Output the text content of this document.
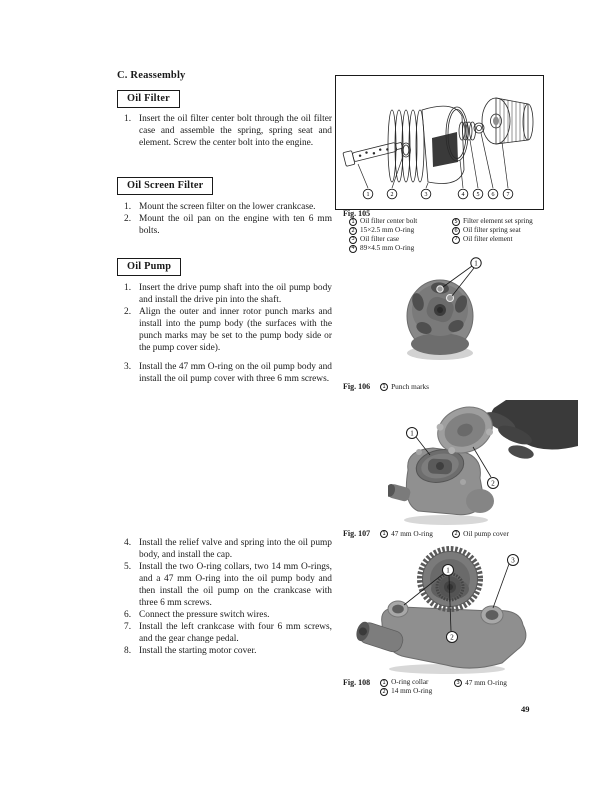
C. Reassembly
Oil Filter
1. Insert the oil filter center bolt through the oil filter case and assemble the spring, spring seat and element. Screw the center bolt into the engine.
Oil Screen Filter
1. Mount the screen filter on the lower crankcase.
2. Mount the oil pan on the engine with ten 6 mm bolts.
Oil Pump
1. Insert the drive pump shaft into the oil pump body and install the drive pin into the shaft.
2. Align the outer and inner rotor punch marks and install into the pump body (the surfaces with the punch marks may be set to the pump body side or the pump cover side).
3. Install the 47 mm O-ring on the oil pump body and install the oil pump cover with three 6 mm screws.
4. Install the relief valve and spring into the oil pump body, and install the cap.
5. Install the two O-ring collars, two 14 mm O-rings, and a 47 mm O-ring into the oil pump body and then install the oil pump on the crankcase with three 6 mm screws.
6. Connect the pressure switch wires.
7. Install the left crankcase with four 6 mm screws, and the gear change pedal.
8. Install the starting motor cover.
1	2	3	4 5 6 7
Fig. 105
1 Oil filter center bolt
2 15×2.5 mm O-ring
3 Oil filter case
4 89×4.5 mm O-ring
5 Filter element set spring
6 Oil filter spring seat
7 Oil filter element
1
Fig. 106	1 Punch marks
1
2
Fig. 107	1 47 mm O-ring	2 Oil pump cover
1
2
3
Fig. 108	1 O-ring collar
2 14 mm O-ring
3 47 mm O-ring
49
